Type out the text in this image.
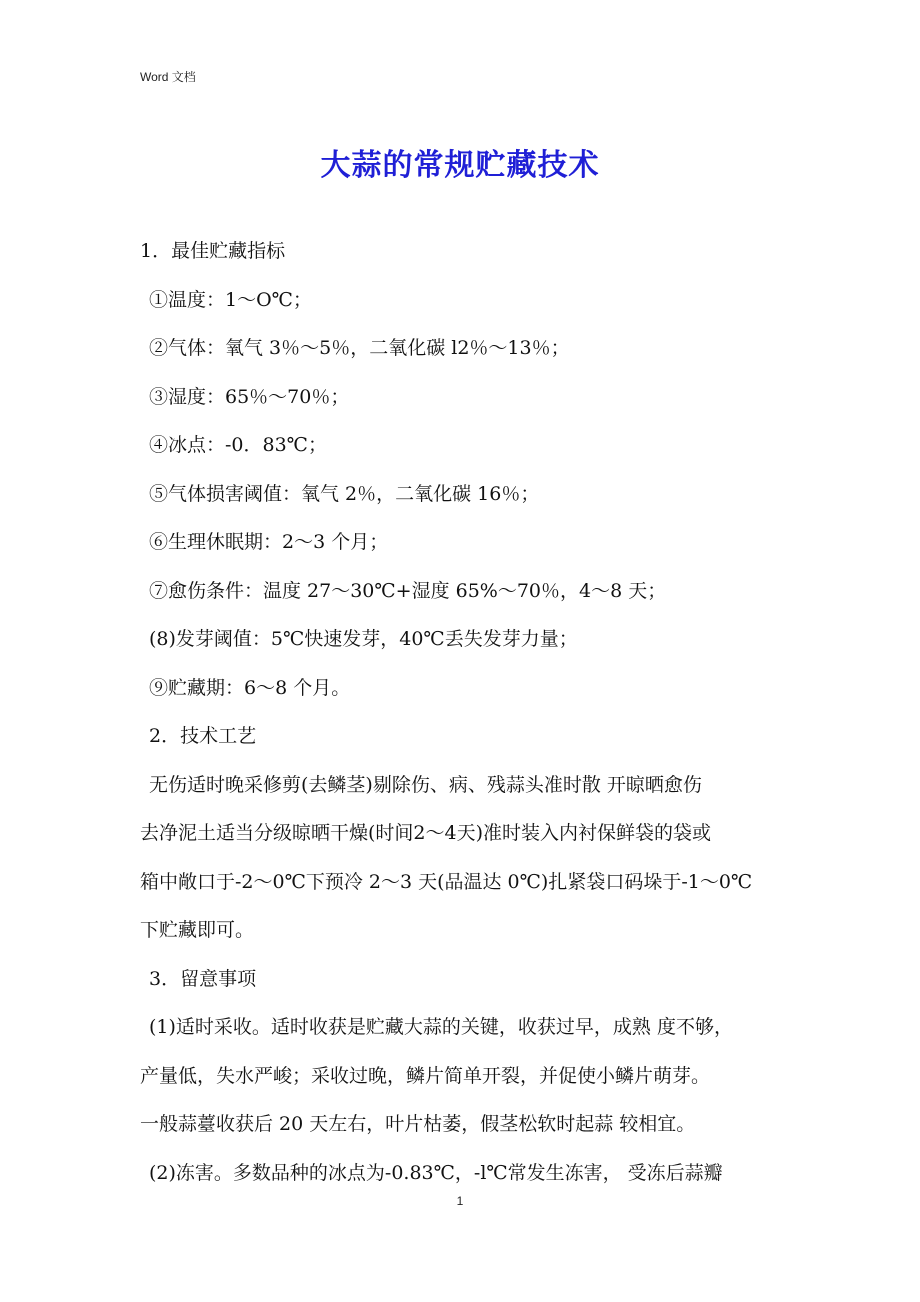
Word 文档
大蒜的常规贮藏技术
1．最佳贮藏指标
①温度：1～O℃；
②气体：氧气 3％～5％，二氧化碳 l2％～13％；
③湿度：65％～70％；
④冰点：-0．83℃；
⑤气体损害阈值：氧气 2％，二氧化碳 16％；
⑥生理休眠期：2～3 个月；
⑦愈伤条件：温度 27～30℃+湿度 65%～70％，4～8 天；
(8)发芽阈值：5℃快速发芽，40℃丢失发芽力量；
⑨贮藏期：6～8 个月。
2．技术工艺
无伤适时晚采修剪(去鳞茎)剔除伤、病、残蒜头准时散 开晾晒愈伤
去净泥土适当分级晾晒干燥(时间2～4天)准时装入内衬保鲜袋的袋或
箱中敞口于-2～0℃下预冷 2～3 天(品温达 0℃)扎紧袋口码垛于-1～0℃
下贮藏即可。
3．留意事项
(1)适时采收。适时收获是贮藏大蒜的关键，收获过早，成熟 度不够，
产量低，失水严峻；采收过晚，鳞片简单开裂，并促使小鳞片萌芽。
一般蒜薹收获后 20 天左右，叶片枯萎，假茎松软时起蒜 较相宜。
(2)冻害。多数品种的冰点为-0.83℃，-l℃常发生冻害， 受冻后蒜瓣
1
